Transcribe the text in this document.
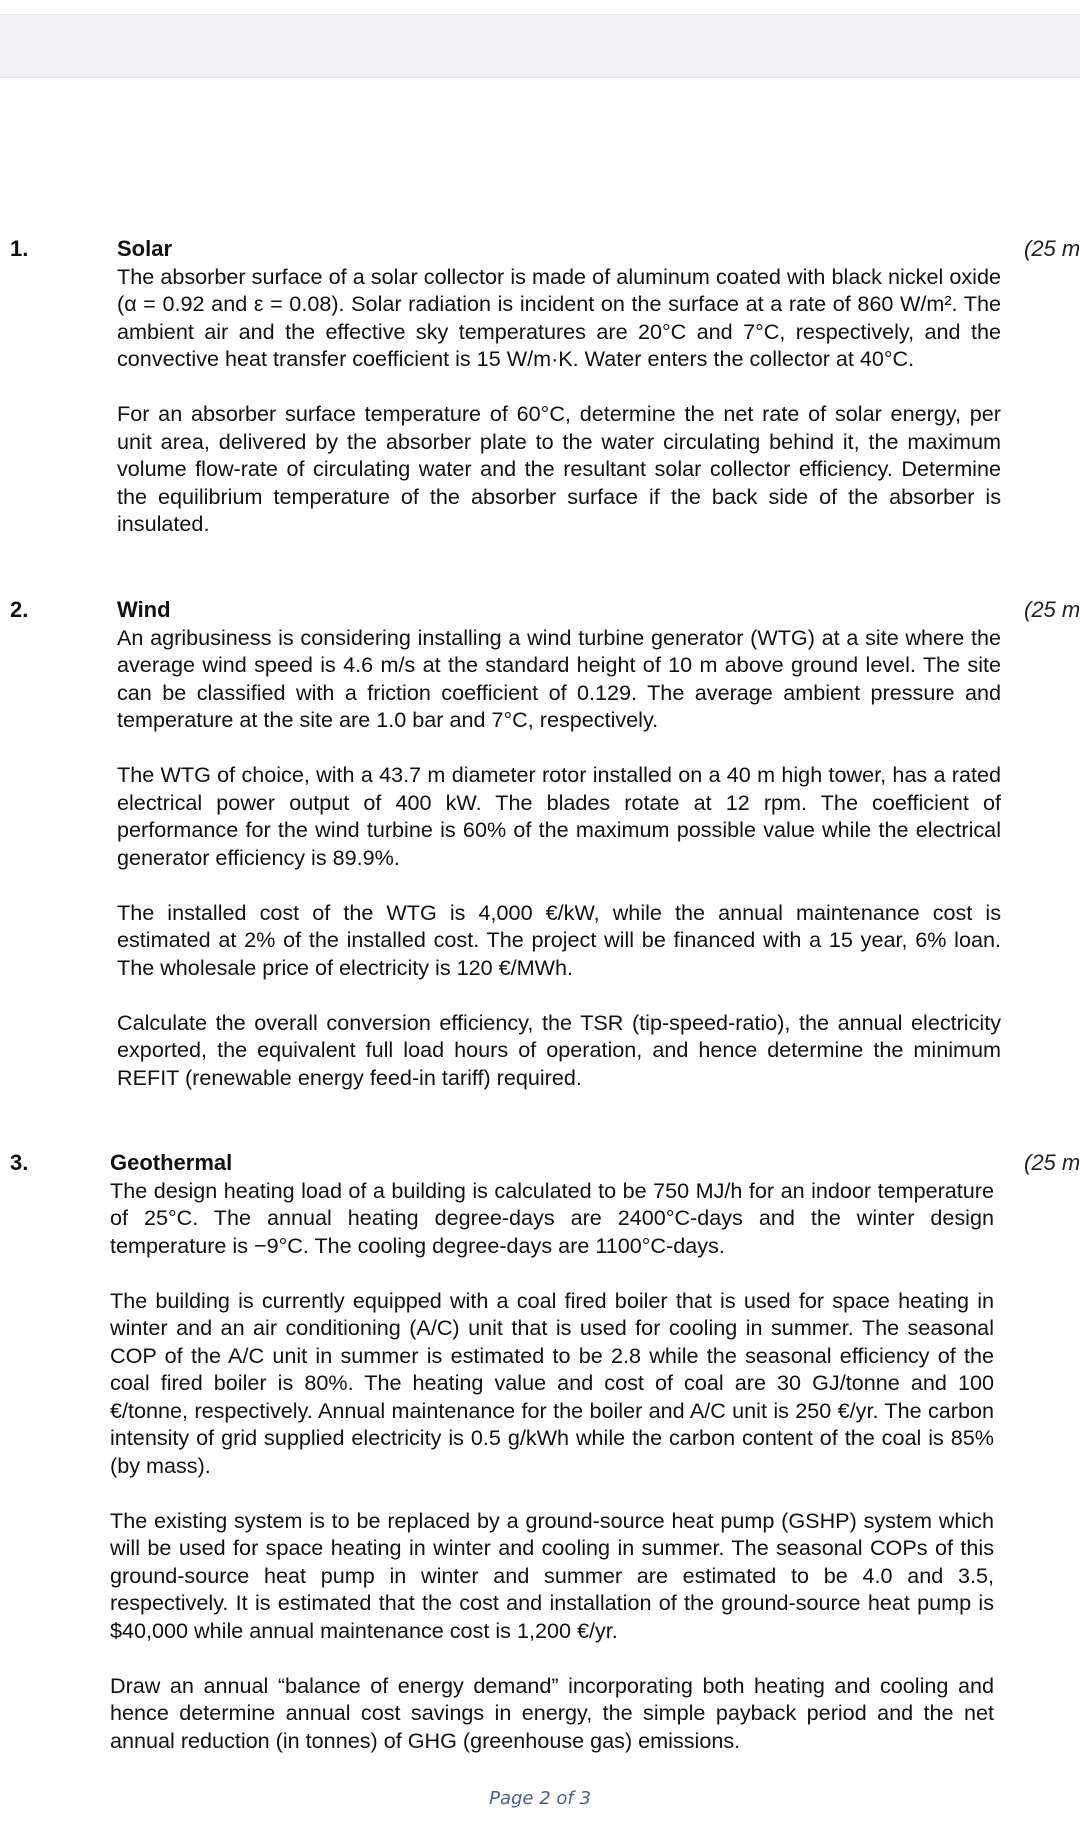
1.	Solar

The absorber surface of a solar collector is made of aluminum coated with black nickel oxide (α = 0.92 and ε = 0.08). Solar radiation is incident on the surface at a rate of 860 W/m². The ambient air and the effective sky temperatures are 20°C and 7°C, respectively, and the convective heat transfer coefficient is 15 W/m·K. Water enters the collector at 40°C.

For an absorber surface temperature of 60°C, determine the net rate of solar energy, per unit area, delivered by the absorber plate to the water circulating behind it, the maximum volume flow-rate of circulating water and the resultant solar collector efficiency. Determine the equilibrium temperature of the absorber surface if the back side of the absorber is insulated.

(25 m
2.	Wind

An agribusiness is considering installing a wind turbine generator (WTG) at a site where the average wind speed is 4.6 m/s at the standard height of 10 m above ground level. The site can be classified with a friction coefficient of 0.129. The average ambient pressure and temperature at the site are 1.0 bar and 7°C, respectively.

The WTG of choice, with a 43.7 m diameter rotor installed on a 40 m high tower, has a rated electrical power output of 400 kW. The blades rotate at 12 rpm. The coefficient of performance for the wind turbine is 60% of the maximum possible value while the electrical generator efficiency is 89.9%.

The installed cost of the WTG is 4,000 €/kW, while the annual maintenance cost is estimated at 2% of the installed cost. The project will be financed with a 15 year, 6% loan. The wholesale price of electricity is 120 €/MWh.

Calculate the overall conversion efficiency, the TSR (tip-speed-ratio), the annual electricity exported, the equivalent full load hours of operation, and hence determine the minimum REFIT (renewable energy feed-in tariff) required.

(25 m
3.	Geothermal

The design heating load of a building is calculated to be 750 MJ/h for an indoor temperature of 25°C. The annual heating degree-days are 2400°C-days and the winter design temperature is −9°C. The cooling degree-days are 1100°C-days.

The building is currently equipped with a coal fired boiler that is used for space heating in winter and an air conditioning (A/C) unit that is used for cooling in summer. The seasonal COP of the A/C unit in summer is estimated to be 2.8 while the seasonal efficiency of the coal fired boiler is 80%. The heating value and cost of coal are 30 GJ/tonne and 100 €/tonne, respectively. Annual maintenance for the boiler and A/C unit is 250 €/yr. The carbon intensity of grid supplied electricity is 0.5 g/kWh while the carbon content of the coal is 85% (by mass).

The existing system is to be replaced by a ground-source heat pump (GSHP) system which will be used for space heating in winter and cooling in summer. The seasonal COPs of this ground-source heat pump in winter and summer are estimated to be 4.0 and 3.5, respectively. It is estimated that the cost and installation of the ground-source heat pump is $40,000 while annual maintenance cost is 1,200 €/yr.

Draw an annual “balance of energy demand” incorporating both heating and cooling and hence determine annual cost savings in energy, the simple payback period and the net annual reduction (in tonnes) of GHG (greenhouse gas) emissions.

(25 m
Page 2 of 3
